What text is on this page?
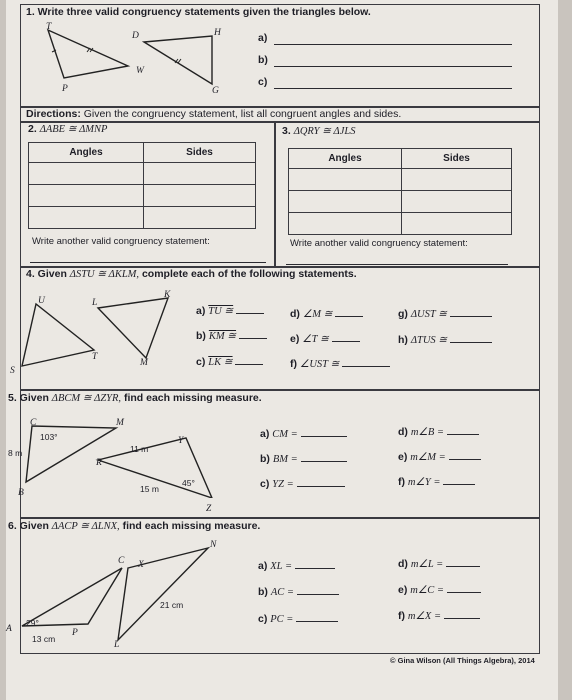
1. Write three valid congruency statements given the triangles below.
T
D	H
W
P	G
a)
b)
c)
Directions: Given the congruency statement, list all congruent angles and sides.
2. ΔABE ≅ ΔMNP
Angles	Sides

Write another valid congruency statement:
3. ΔQRY ≅ ΔJLS
Angles	Sides

Write another valid congruency statement:
4. Given ΔSTU ≅ ΔKLM, complete each of the following statements.
U	L
K
T
M
S
a) TU ≅
b) KM ≅
c) LK ≅
d) ∠M ≅
e) ∠T ≅
f) ∠UST ≅
g) ΔUST ≅
h) ΔTUS ≅
5. Given ΔBCM ≅ ΔZYR, find each missing measure.
C	M
B
R
Y
Z
103°
8 m	11 m
15 m
45°
a) CM =
b) BM =
c) YZ =
d) m∠B =
e) m∠M =
f) m∠Y =
6. Given ΔACP ≅ ΔLNX, find each missing measure.
C X
N
A	P
L
29°
13 cm
21 cm
a) XL =
b) AC =
c) PC =
d) m∠L =
e) m∠C =
f) m∠X =
© Gina Wilson (All Things Algebra), 2014
